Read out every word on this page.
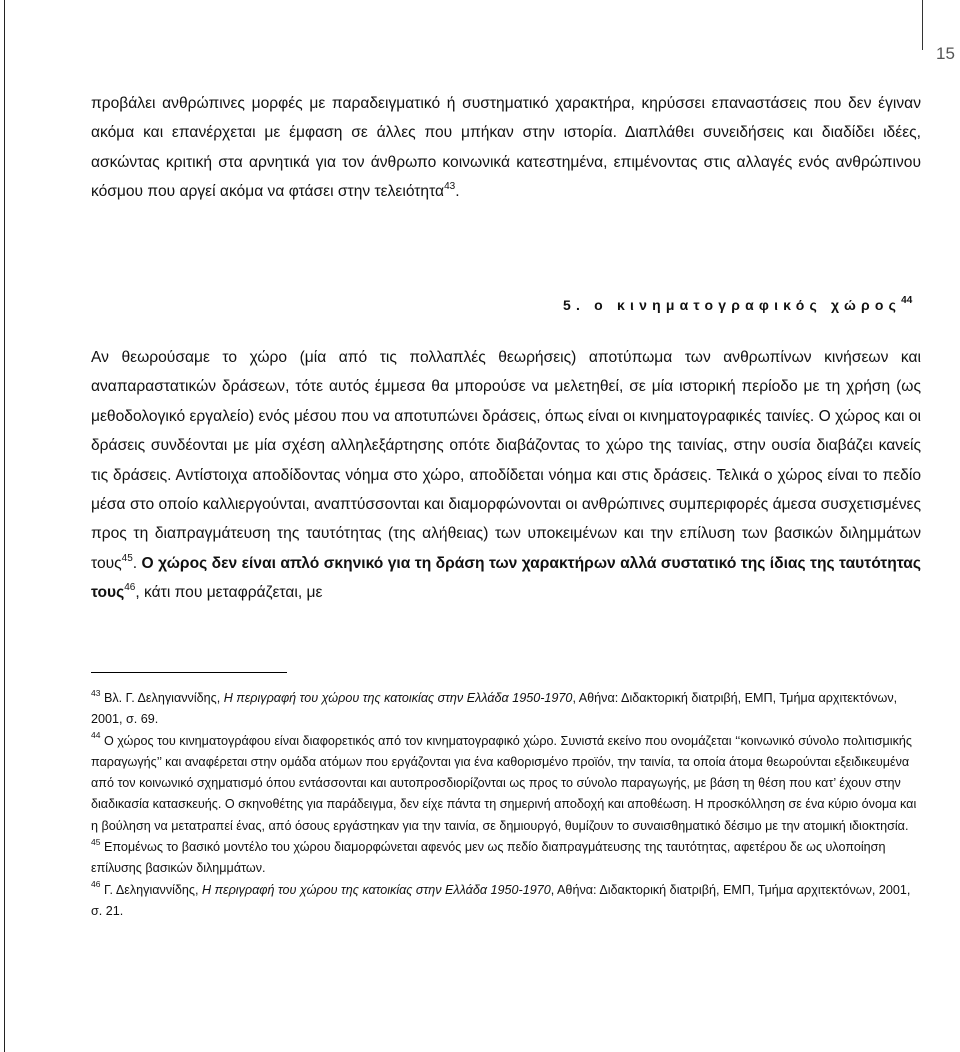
15

προβάλει ανθρώπινες μορφές με παραδειγματικό ή συστηματικό χαρακτήρα, κηρύσσει επαναστάσεις που δεν έγιναν ακόμα και επανέρχεται με έμφαση σε άλλες που μπήκαν στην ιστορία. Διαπλάθει συνειδήσεις και διαδίδει ιδέες, ασκώντας κριτική στα αρνητικά για τον άνθρωπο κοινωνικά κατεστημένα, επιμένοντας στις αλλαγές ενός ανθρώπινου κόσμου που αργεί ακόμα να φτάσει στην τελειότητα$^{43}$.

5. ο κινηματογραφικός χώρος$^{44}$

Αν θεωρούσαμε το χώρο (μία από τις πολλαπλές θεωρήσεις) αποτύπωμα των ανθρωπίνων κινήσεων και αναπαραστατικών δράσεων, τότε αυτός έμμεσα θα μπορούσε να μελετηθεί, σε μία ιστορική περίοδο με τη χρήση (ως μεθοδολογικό εργαλείο) ενός μέσου που να αποτυπώνει δράσεις, όπως είναι οι κινηματογραφικές ταινίες. Ο χώρος και οι δράσεις συνδέονται με μία σχέση αλληλεξάρτησης οπότε διαβάζοντας το χώρο της ταινίας, στην ουσία διαβάζει κανείς τις δράσεις. Αντίστοιχα αποδίδοντας νόημα στο χώρο, αποδίδεται νόημα και στις δράσεις. Τελικά ο χώρος είναι το πεδίο μέσα στο οποίο καλλιεργούνται, αναπτύσσονται και διαμορφώνονται οι ανθρώπινες συμπεριφορές άμεσα συσχετισμένες προς τη διαπραγμάτευση της ταυτότητας (της αλήθειας) των υποκειμένων και την επίλυση των βασικών διλημμάτων τους$^{45}$. Ο χώρος δεν είναι απλό σκηνικό για τη δράση των χαρακτήρων αλλά συστατικό της ίδιας της ταυτότητας τους$^{46}$, κάτι που μεταφράζεται, με

$^{43}$ Βλ. Γ. Δεληγιαννίδης, Η περιγραφή του χώρου της κατοικίας στην Ελλάδα 1950-1970, Αθήνα: Διδακτορική διατριβή, ΕΜΠ, Τμήμα αρχιτεκτόνων, 2001, σ. 69.

$^{44}$ Ο χώρος του κινηματογράφου είναι διαφορετικός από τον κινηματογραφικό χώρο. Συνιστά εκείνο που ονομάζεται ‘‘κοινωνικό σύνολο πολιτισμικής παραγωγής’’ και αναφέρεται στην ομάδα ατόμων που εργάζονται για ένα καθορισμένο προϊόν, την ταινία, τα οποία άτομα θεωρούνται εξειδικευμένα από τον κοινωνικό σχηματισμό όπου εντάσσονται και αυτοπροσδιορίζονται ως προς το σύνολο παραγωγής, με βάση τη θέση που κατ’ έχουν στην διαδικασία κατασκευής. Ο σκηνοθέτης για παράδειγμα, δεν είχε πάντα τη σημερινή αποδοχή και αποθέωση. Η προσκόλληση σε ένα κύριο όνομα και η βούληση να μετατραπεί ένας, από όσους εργάστηκαν για την ταινία, σε δημιουργό, θυμίζουν το συναισθηματικό δέσιμο με την ατομική ιδιοκτησία.

$^{45}$ Επομένως το βασικό μοντέλο του χώρου διαμορφώνεται αφενός μεν ως πεδίο διαπραγμάτευσης της ταυτότητας, αφετέρου δε ως υλοποίηση επίλυσης βασικών διλημμάτων.

$^{46}$ Γ. Δεληγιαννίδης, Η περιγραφή του χώρου της κατοικίας στην Ελλάδα 1950-1970, Αθήνα: Διδακτορική διατριβή, ΕΜΠ, Τμήμα αρχιτεκτόνων, 2001, σ. 21.
